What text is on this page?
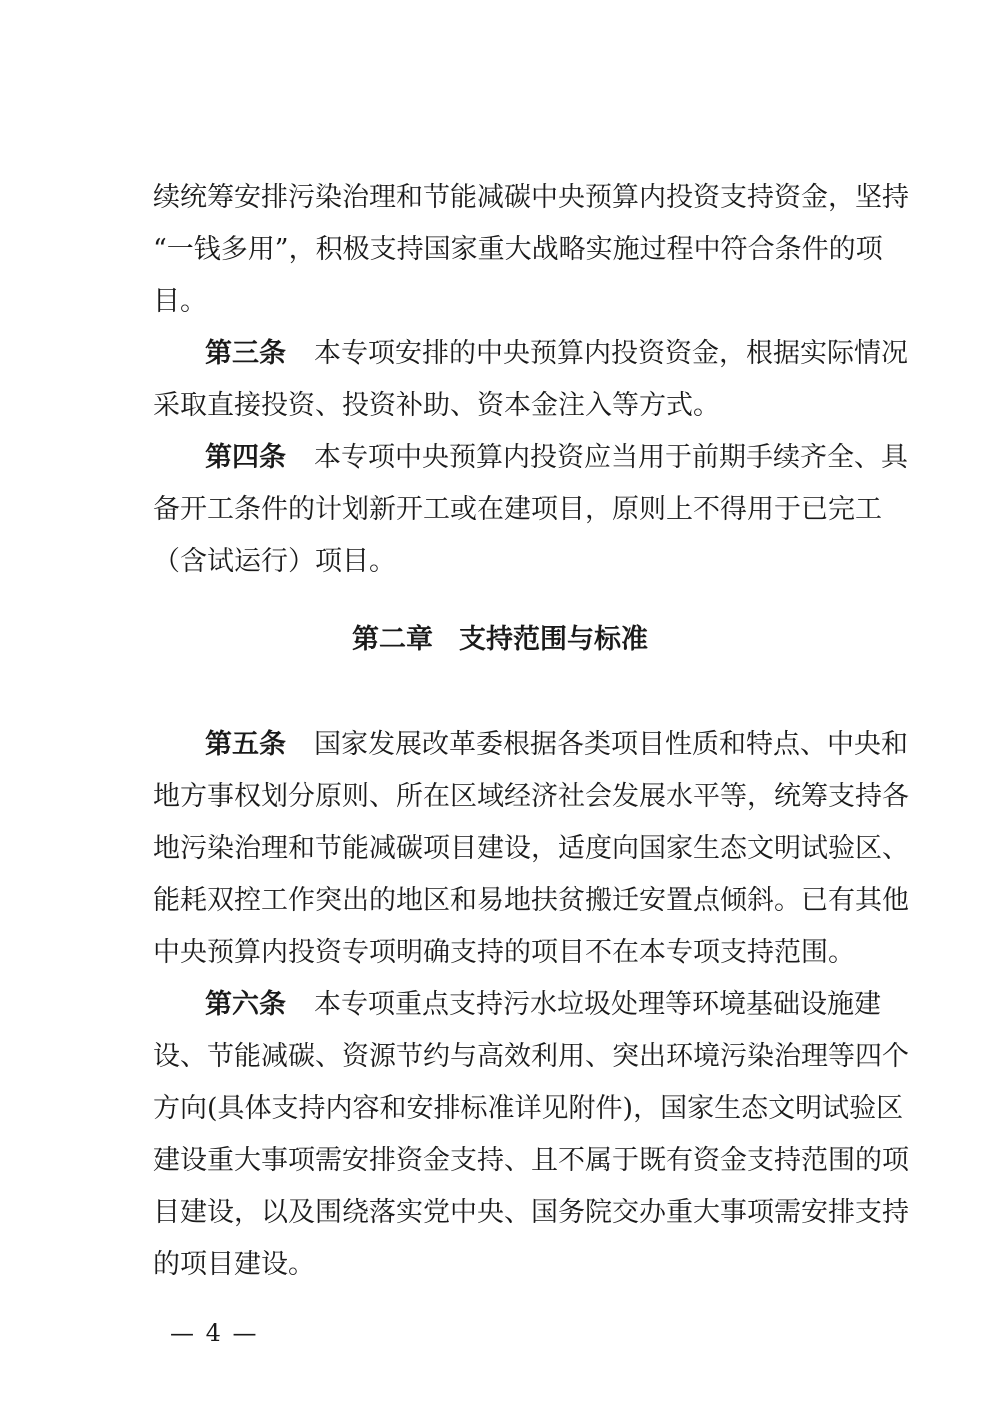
续统筹安排污染治理和节能减碳中央预算内投资支持资金，坚持
“一钱多用”，积极支持国家重大战略实施过程中符合条件的项
目。
第三条 本专项安排的中央预算内投资资金，根据实际情况
采取直接投资、投资补助、资本金注入等方式。
第四条 本专项中央预算内投资应当用于前期手续齐全、具
备开工条件的计划新开工或在建项目，原则上不得用于已完工
（含试运行）项目。
第二章 支持范围与标准
第五条 国家发展改革委根据各类项目性质和特点、中央和
地方事权划分原则、所在区域经济社会发展水平等，统筹支持各
地污染治理和节能减碳项目建设，适度向国家生态文明试验区、
能耗双控工作突出的地区和易地扶贫搬迁安置点倾斜。已有其他
中央预算内投资专项明确支持的项目不在本专项支持范围。
第六条 本专项重点支持污水垃圾处理等环境基础设施建
设、节能减碳、资源节约与高效利用、突出环境污染治理等四个
方向(具体支持内容和安排标准详见附件)，国家生态文明试验区
建设重大事项需安排资金支持、且不属于既有资金支持范围的项
目建设，以及围绕落实党中央、国务院交办重大事项需安排支持
的项目建设。
— 4 —
